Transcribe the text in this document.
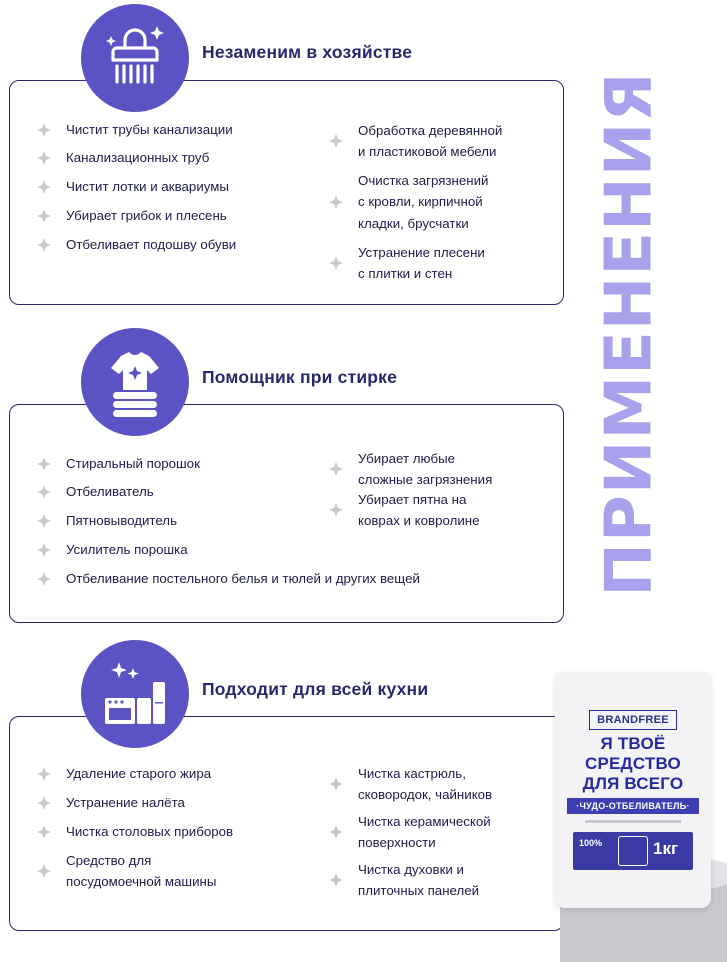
ПРИМЕНЕНИЯ
Незаменим в хозяйстве
Чистит трубы канализации
Канализационных труб
Чистит лотки и аквариумы
Убирает грибок и плесень
Отбеливает подошву обуви
Обработка деревянной
и пластиковой мебели
Очистка загрязнений
с кровли, кирпичной
кладки, брусчатки
Устранение плесени
с плитки и стен
Помощник при стирке
Стиральный порошок
Отбеливатель
Пятновыводитель
Усилитель порошка
Отбеливание постельного белья и тюлей и других вещей
Убирает любые
сложные загрязнения
Убирает пятна на
коврах и ковролине
Подходит для всей кухни
Удаление старого жира
Устранение налёта
Чистка столовых приборов
Средство для
посудомоечной машины
Чистка кастрюль,
сковородок, чайников
Чистка керамической
поверхности
Чистка духовки и
плиточных панелей
BRANDFREE
Я ТВОЁ
СРЕДСТВО
ДЛЯ ВСЕГО
·ЧУДО-ОТБЕЛИВАТЕЛЬ·
100%	1кг
